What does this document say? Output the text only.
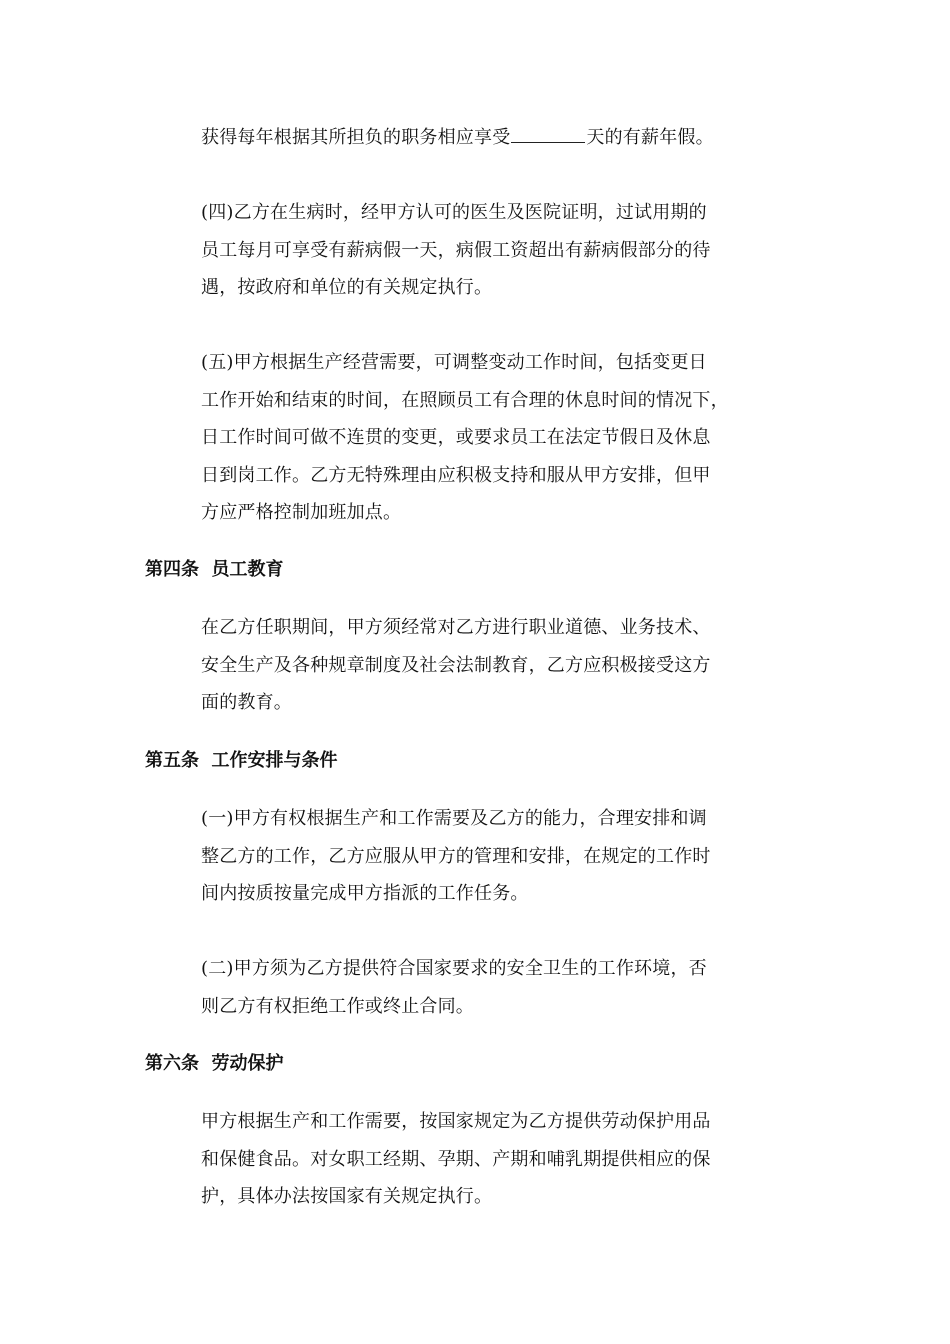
获得每年根据其所担负的职务相应享受	天的有薪年假。
(四)乙方在生病时，经甲方认可的医生及医院证明，过试用期的
员工每月可享受有薪病假一天，病假工资超出有薪病假部分的待
遇，按政府和单位的有关规定执行。
(五)甲方根据生产经营需要，可调整变动工作时间，包括变更日
工作开始和结束的时间，在照顾员工有合理的休息时间的情况下，
日工作时间可做不连贯的变更，或要求员工在法定节假日及休息
日到岗工作。乙方无特殊理由应积极支持和服从甲方安排，但甲
方应严格控制加班加点。
第四条  员工教育
在乙方任职期间，甲方须经常对乙方进行职业道德、业务技术、
安全生产及各种规章制度及社会法制教育，乙方应积极接受这方
面的教育。
第五条  工作安排与条件
(一)甲方有权根据生产和工作需要及乙方的能力，合理安排和调
整乙方的工作，乙方应服从甲方的管理和安排，在规定的工作时
间内按质按量完成甲方指派的工作任务。
(二)甲方须为乙方提供符合国家要求的安全卫生的工作环境，否
则乙方有权拒绝工作或终止合同。
第六条  劳动保护
甲方根据生产和工作需要，按国家规定为乙方提供劳动保护用品
和保健食品。对女职工经期、孕期、产期和哺乳期提供相应的保
护，具体办法按国家有关规定执行。
